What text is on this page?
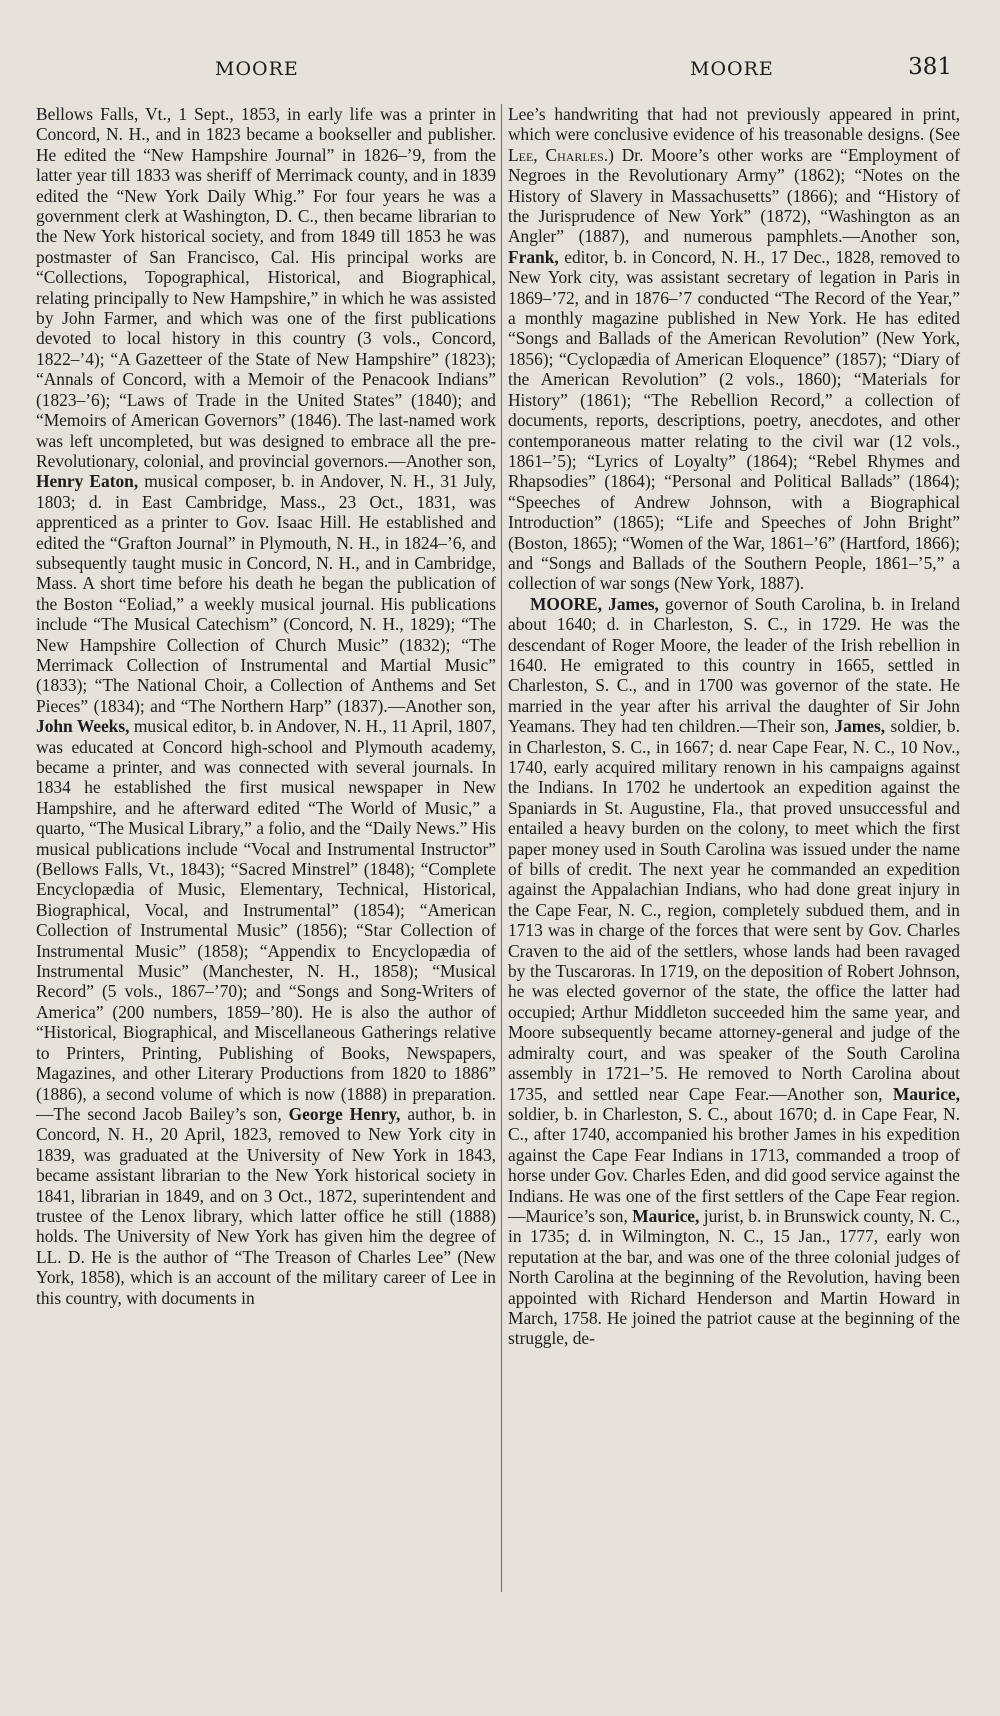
MOORE	MOORE	381

Bellows Falls, Vt., 1 Sept., 1853, in early life was a printer in Concord, N. H., and in 1823 became a bookseller and publisher. He edited the “New Hampshire Journal” in 1826–’9, from the latter year till 1833 was sheriff of Merrimack county, and in 1839 edited the “New York Daily Whig.” For four years he was a government clerk at Washington, D. C., then became librarian to the New York historical society, and from 1849 till 1853 he was postmaster of San Francisco, Cal. His principal works are “Collections, Topographical, Historical, and Biographical, relating principally to New Hampshire,” in which he was assisted by John Farmer, and which was one of the first publications devoted to local history in this country (3 vols., Concord, 1822–’4); “A Gazetteer of the State of New Hampshire” (1823); “Annals of Concord, with a Memoir of the Penacook Indians” (1823–’6); “Laws of Trade in the United States” (1840); and “Memoirs of American Governors” (1846). The last-named work was left uncompleted, but was designed to embrace all the pre-Revolutionary, colonial, and provincial governors.—Another son, Henry Eaton, musical composer, b. in Andover, N. H., 31 July, 1803; d. in East Cambridge, Mass., 23 Oct., 1831, was apprenticed as a printer to Gov. Isaac Hill. He established and edited the “Grafton Journal” in Plymouth, N. H., in 1824–’6, and subsequently taught music in Concord, N. H., and in Cambridge, Mass. A short time before his death he began the publication of the Boston “Eoliad,” a weekly musical journal. His publications include “The Musical Catechism” (Concord, N. H., 1829); “The New Hampshire Collection of Church Music” (1832); “The Merrimack Collection of Instrumental and Martial Music” (1833); “The National Choir, a Collection of Anthems and Set Pieces” (1834); and “The Northern Harp” (1837).—Another son, John Weeks, musical editor, b. in Andover, N. H., 11 April, 1807, was educated at Concord high-school and Plymouth academy, became a printer, and was connected with several journals. In 1834 he established the first musical newspaper in New Hampshire, and he afterward edited “The World of Music,” a quarto, “The Musical Library,” a folio, and the “Daily News.” His musical publications include “Vocal and Instrumental Instructor” (Bellows Falls, Vt., 1843); “Sacred Minstrel” (1848); “Complete Encyclopædia of Music, Elementary, Technical, Historical, Biographical, Vocal, and Instrumental” (1854); “American Collection of Instrumental Music” (1856); “Star Collection of Instrumental Music” (1858); “Appendix to Encyclopædia of Instrumental Music” (Manchester, N. H., 1858); “Musical Record” (5 vols., 1867–’70); and “Songs and Song-Writers of America” (200 numbers, 1859–’80). He is also the author of “Historical, Biographical, and Miscellaneous Gatherings relative to Printers, Printing, Publishing of Books, Newspapers, Magazines, and other Literary Productions from 1820 to 1886” (1886), a second volume of which is now (1888) in preparation.—The second Jacob Bailey’s son, George Henry, author, b. in Concord, N. H., 20 April, 1823, removed to New York city in 1839, was graduated at the University of New York in 1843, became assistant librarian to the New York historical society in 1841, librarian in 1849, and on 3 Oct., 1872, superintendent and trustee of the Lenox library, which latter office he still (1888) holds. The University of New York has given him the degree of LL. D. He is the author of “The Treason of Charles Lee” (New York, 1858), which is an account of the military career of Lee in this country, with documents in

Lee’s handwriting that had not previously appeared in print, which were conclusive evidence of his treasonable designs. (See Lee, Charles.) Dr. Moore’s other works are “Employment of Negroes in the Revolutionary Army” (1862); “Notes on the History of Slavery in Massachusetts” (1866); and “History of the Jurisprudence of New York” (1872), “Washington as an Angler” (1887), and numerous pamphlets.—Another son, Frank, editor, b. in Concord, N. H., 17 Dec., 1828, removed to New York city, was assistant secretary of legation in Paris in 1869–’72, and in 1876–’7 conducted “The Record of the Year,” a monthly magazine published in New York. He has edited “Songs and Ballads of the American Revolution” (New York, 1856); “Cyclopædia of American Eloquence” (1857); “Diary of the American Revolution” (2 vols., 1860); “Materials for History” (1861); “The Rebellion Record,” a collection of documents, reports, descriptions, poetry, anecdotes, and other contemporaneous matter relating to the civil war (12 vols., 1861–’5); “Lyrics of Loyalty” (1864); “Rebel Rhymes and Rhapsodies” (1864); “Personal and Political Ballads” (1864); “Speeches of Andrew Johnson, with a Biographical Introduction” (1865); “Life and Speeches of John Bright” (Boston, 1865); “Women of the War, 1861–’6” (Hartford, 1866); and “Songs and Ballads of the Southern People, 1861–’5,” a collection of war songs (New York, 1887).

MOORE, James, governor of South Carolina, b. in Ireland about 1640; d. in Charleston, S. C., in 1729. He was the descendant of Roger Moore, the leader of the Irish rebellion in 1640. He emigrated to this country in 1665, settled in Charleston, S. C., and in 1700 was governor of the state. He married in the year after his arrival the daughter of Sir John Yeamans. They had ten children.—Their son, James, soldier, b. in Charleston, S. C., in 1667; d. near Cape Fear, N. C., 10 Nov., 1740, early acquired military renown in his campaigns against the Indians. In 1702 he undertook an expedition against the Spaniards in St. Augustine, Fla., that proved unsuccessful and entailed a heavy burden on the colony, to meet which the first paper money used in South Carolina was issued under the name of bills of credit. The next year he commanded an expedition against the Appalachian Indians, who had done great injury in the Cape Fear, N. C., region, completely subdued them, and in 1713 was in charge of the forces that were sent by Gov. Charles Craven to the aid of the settlers, whose lands had been ravaged by the Tuscaroras. In 1719, on the deposition of Robert Johnson, he was elected governor of the state, the office the latter had occupied; Arthur Middleton succeeded him the same year, and Moore subsequently became attorney-general and judge of the admiralty court, and was speaker of the South Carolina assembly in 1721–’5. He removed to North Carolina about 1735, and settled near Cape Fear.—Another son, Maurice, soldier, b. in Charleston, S. C., about 1670; d. in Cape Fear, N. C., after 1740, accompanied his brother James in his expedition against the Cape Fear Indians in 1713, commanded a troop of horse under Gov. Charles Eden, and did good service against the Indians. He was one of the first settlers of the Cape Fear region.—Maurice’s son, Maurice, jurist, b. in Brunswick county, N. C., in 1735; d. in Wilmington, N. C., 15 Jan., 1777, early won reputation at the bar, and was one of the three colonial judges of North Carolina at the beginning of the Revolution, having been appointed with Richard Henderson and Martin Howard in March, 1758. He joined the patriot cause at the beginning of the struggle, de-
